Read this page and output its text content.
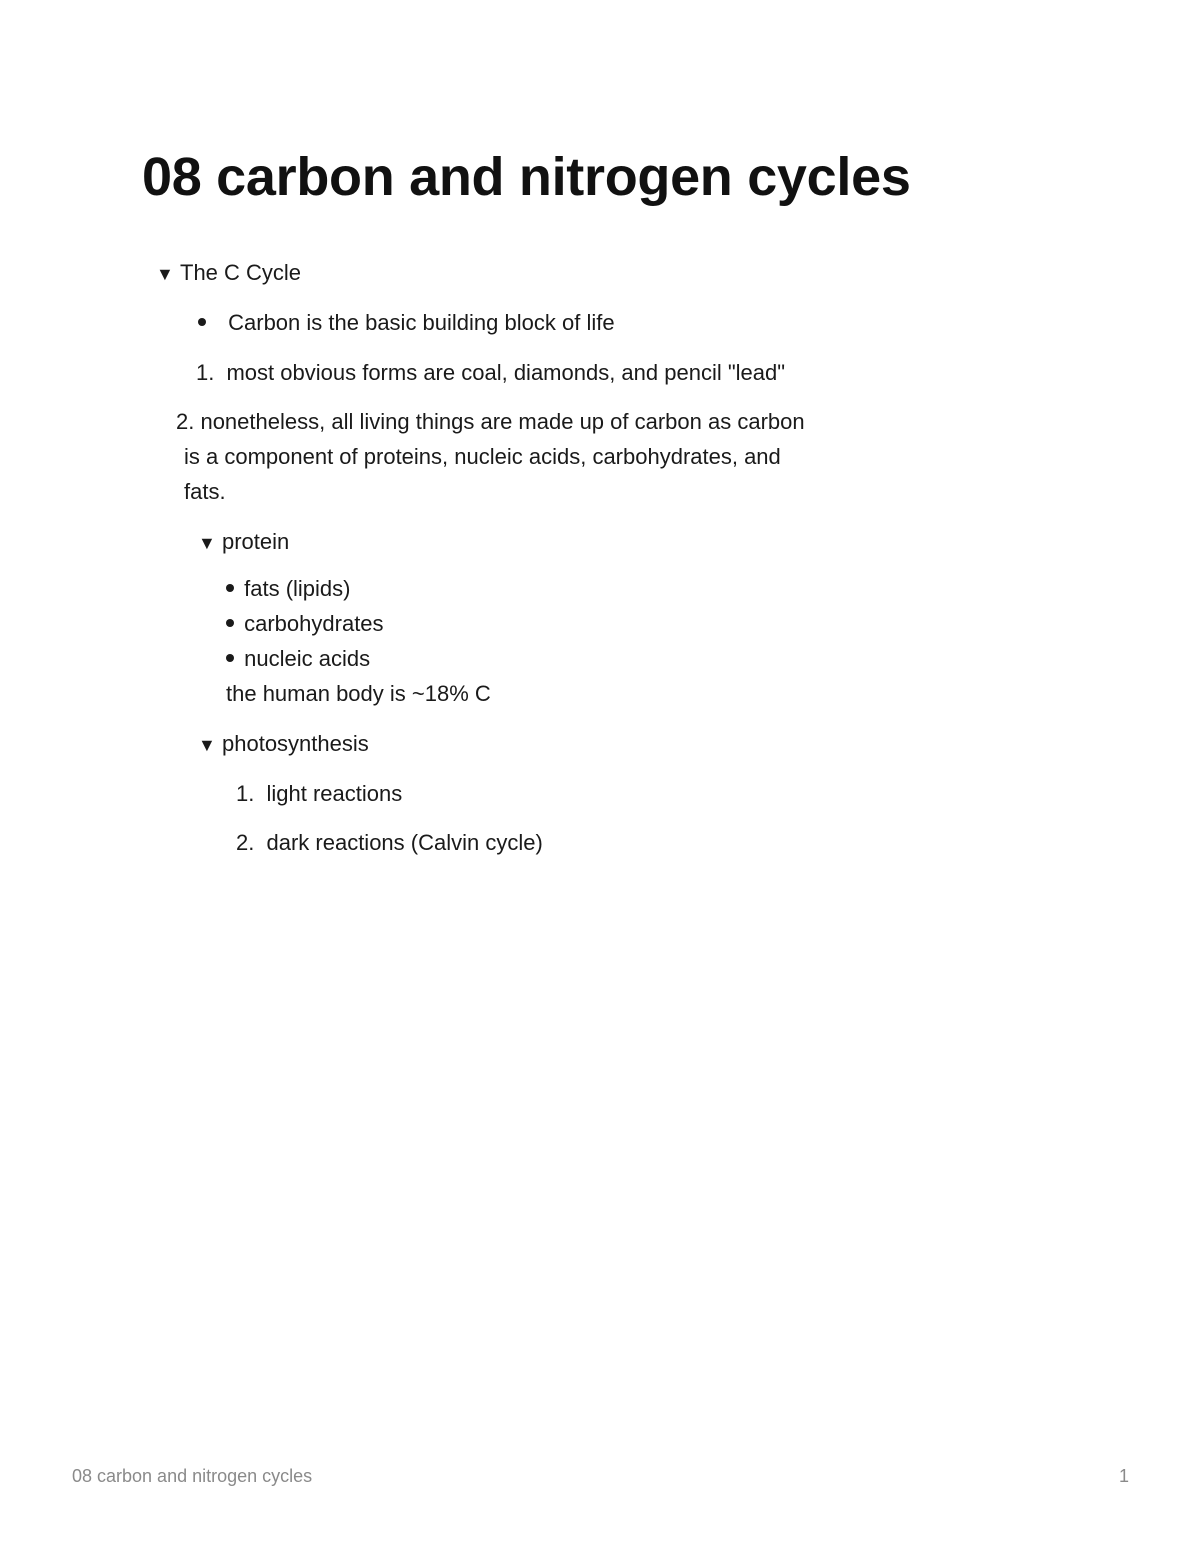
08 carbon and nitrogen cycles
▼ The C Cycle
Carbon is the basic building block of life
1. most obvious forms are coal, diamonds, and pencil "lead"
2. nonetheless, all living things are made up of carbon as carbon
is a component of proteins, nucleic acids, carbohydrates, and
fats.
▼ protein
fats (lipids)
carbohydrates
nucleic acids
the human body is ~18% C
▼ photosynthesis
1. light reactions
2. dark reactions (Calvin cycle)
08 carbon and nitrogen cycles	1
